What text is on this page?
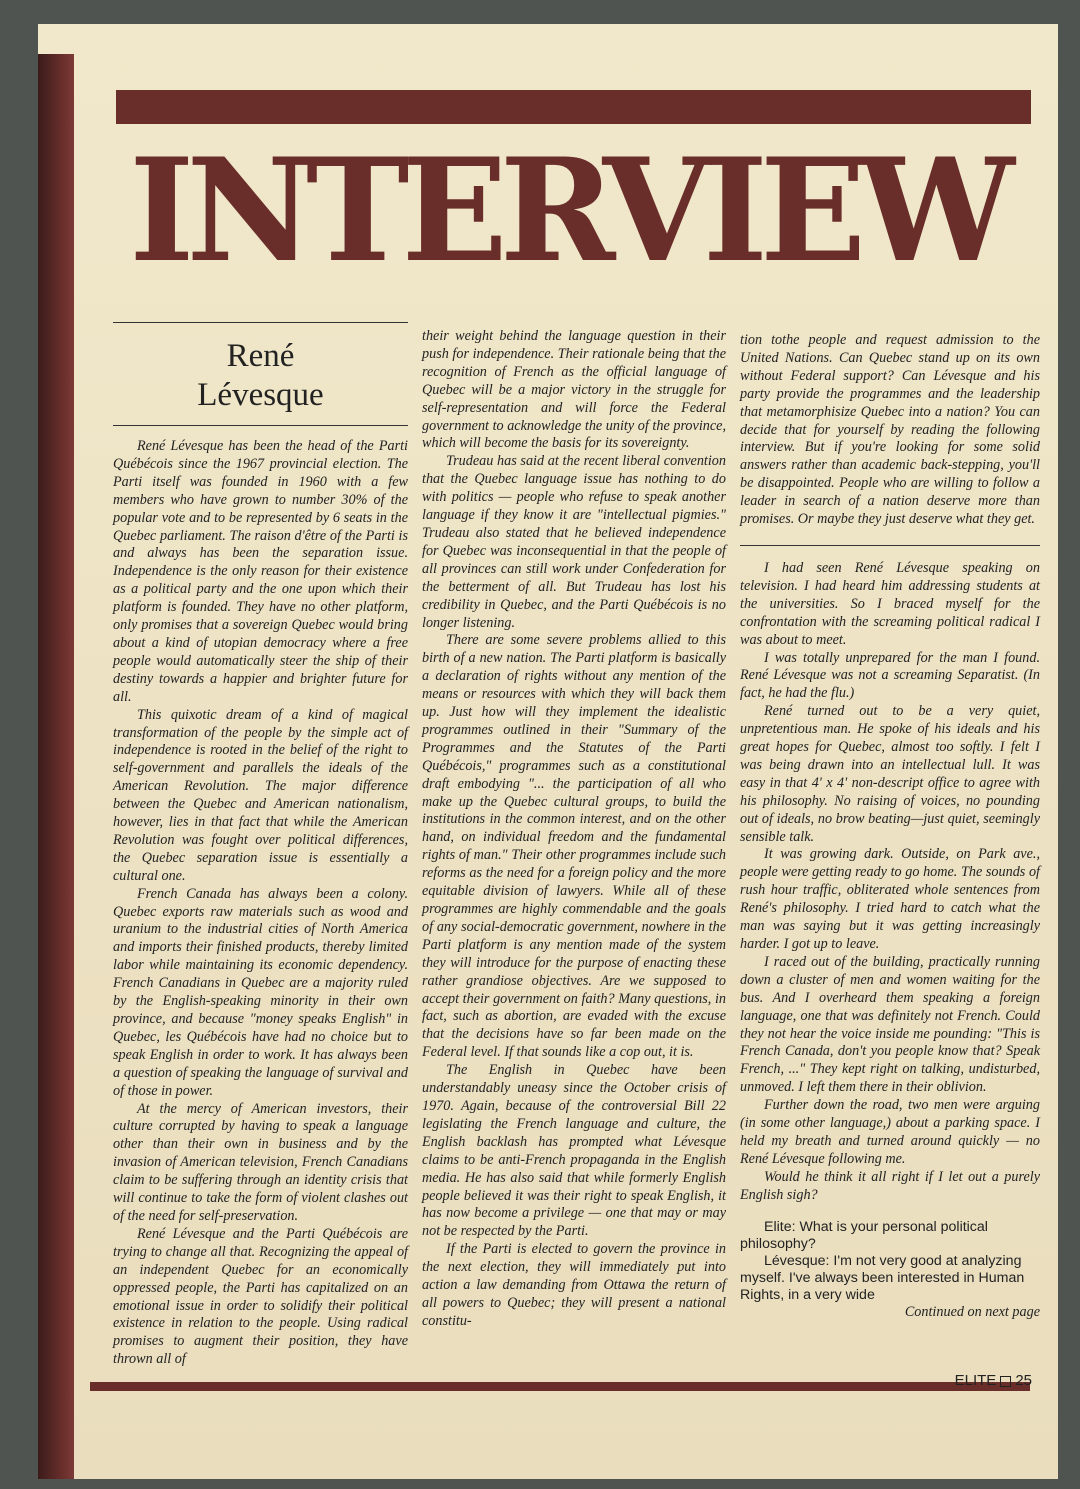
INTERVIEW
René
Lévesque

René Lévesque has been the head of the Parti Québécois since the 1967 provincial election. The Parti itself was founded in 1960 with a few members who have grown to number 30% of the popular vote and to be represented by 6 seats in the Quebec parliament. The raison d'être of the Parti is and always has been the separation issue. Independence is the only reason for their existence as a political party and the one upon which their platform is founded. They have no other platform, only promises that a sovereign Quebec would bring about a kind of utopian democracy where a free people would automatically steer the ship of their destiny towards a happier and brighter future for all.

This quixotic dream of a kind of magical transformation of the people by the simple act of independence is rooted in the belief of the right to self-government and parallels the ideals of the American Revolution. The major difference between the Quebec and American nationalism, however, lies in that fact that while the American Revolution was fought over political differences, the Quebec separation issue is essentially a cultural one.

French Canada has always been a colony. Quebec exports raw materials such as wood and uranium to the industrial cities of North America and imports their finished products, thereby limited labor while maintaining its economic dependency. French Canadians in Quebec are a majority ruled by the English-speaking minority in their own province, and because "money speaks English" in Quebec, les Québécois have had no choice but to speak English in order to work. It has always been a question of speaking the language of survival and of those in power.

At the mercy of American investors, their culture corrupted by having to speak a language other than their own in business and by the invasion of American television, French Canadians claim to be suffering through an identity crisis that will continue to take the form of violent clashes out of the need for self-preservation.

René Lévesque and the Parti Québécois are trying to change all that. Recognizing the appeal of an independent Quebec for an economically oppressed people, the Parti has capitalized on an emotional issue in order to solidify their political existence in relation to the people. Using radical promises to augment their position, they have thrown all of

their weight behind the language question in their push for independence. Their rationale being that the recognition of French as the official language of Quebec will be a major victory in the struggle for self-representation and will force the Federal government to acknowledge the unity of the province, which will become the basis for its sovereignty.

Trudeau has said at the recent liberal convention that the Quebec language issue has nothing to do with politics — people who refuse to speak another language if they know it are "intellectual pigmies." Trudeau also stated that he believed independence for Quebec was inconsequential in that the people of all provinces can still work under Confederation for the betterment of all. But Trudeau has lost his credibility in Quebec, and the Parti Québécois is no longer listening.

There are some severe problems allied to this birth of a new nation. The Parti platform is basically a declaration of rights without any mention of the means or resources with which they will back them up. Just how will they implement the idealistic programmes outlined in their "Summary of the Programmes and the Statutes of the Parti Québécois," programmes such as a constitutional draft embodying "... the participation of all who make up the Quebec cultural groups, to build the institutions in the common interest, and on the other hand, on individual freedom and the fundamental rights of man." Their other programmes include such reforms as the need for a foreign policy and the more equitable division of lawyers. While all of these programmes are highly commendable and the goals of any social-democratic government, nowhere in the Parti platform is any mention made of the system they will introduce for the purpose of enacting these rather grandiose objectives. Are we supposed to accept their government on faith? Many questions, in fact, such as abortion, are evaded with the excuse that the decisions have so far been made on the Federal level. If that sounds like a cop out, it is.

The English in Quebec have been understandably uneasy since the October crisis of 1970. Again, because of the controversial Bill 22 legislating the French language and culture, the English backlash has prompted what Lévesque claims to be anti-French propaganda in the English media. He has also said that while formerly English people believed it was their right to speak English, it has now become a privilege — one that may or may not be respected by the Parti.

If the Parti is elected to govern the province in the next election, they will immediately put into action a law demanding from Ottawa the return of all powers to Quebec; they will present a national constitu-

tion tothe people and request admission to the United Nations. Can Quebec stand up on its own without Federal support? Can Lévesque and his party provide the programmes and the leadership that metamorphisize Quebec into a nation? You can decide that for yourself by reading the following interview. But if you're looking for some solid answers rather than academic back-stepping, you'll be disappointed. People who are willing to follow a leader in search of a nation deserve more than promises. Or maybe they just deserve what they get.

I had seen René Lévesque speaking on television. I had heard him addressing students at the universities. So I braced myself for the confrontation with the screaming political radical I was about to meet.

I was totally unprepared for the man I found. René Lévesque was not a screaming Separatist. (In fact, he had the flu.)

René turned out to be a very quiet, unpretentious man. He spoke of his ideals and his great hopes for Quebec, almost too softly. I felt I was being drawn into an intellectual lull. It was easy in that 4' x 4' non-descript office to agree with his philosophy. No raising of voices, no pounding out of ideals, no brow beating—just quiet, seemingly sensible talk.

It was growing dark. Outside, on Park ave., people were getting ready to go home. The sounds of rush hour traffic, obliterated whole sentences from René's philosophy. I tried hard to catch what the man was saying but it was getting increasingly harder. I got up to leave.

I raced out of the building, practically running down a cluster of men and women waiting for the bus. And I overheard them speaking a foreign language, one that was definitely not French. Could they not hear the voice inside me pounding: "This is French Canada, don't you people know that? Speak French, ..." They kept right on talking, undisturbed, unmoved. I left them there in their oblivion.

Further down the road, two men were arguing (in some other language,) about a parking space. I held my breath and turned around quickly — no René Lévesque following me.

Would he think it all right if I let out a purely English sigh?

Elite: What is your personal political philosophy?

Lévesque: I'm not very good at analyzing myself. I've always been interested in Human Rights, in a very wide

Continued on next page

ELITE 25
